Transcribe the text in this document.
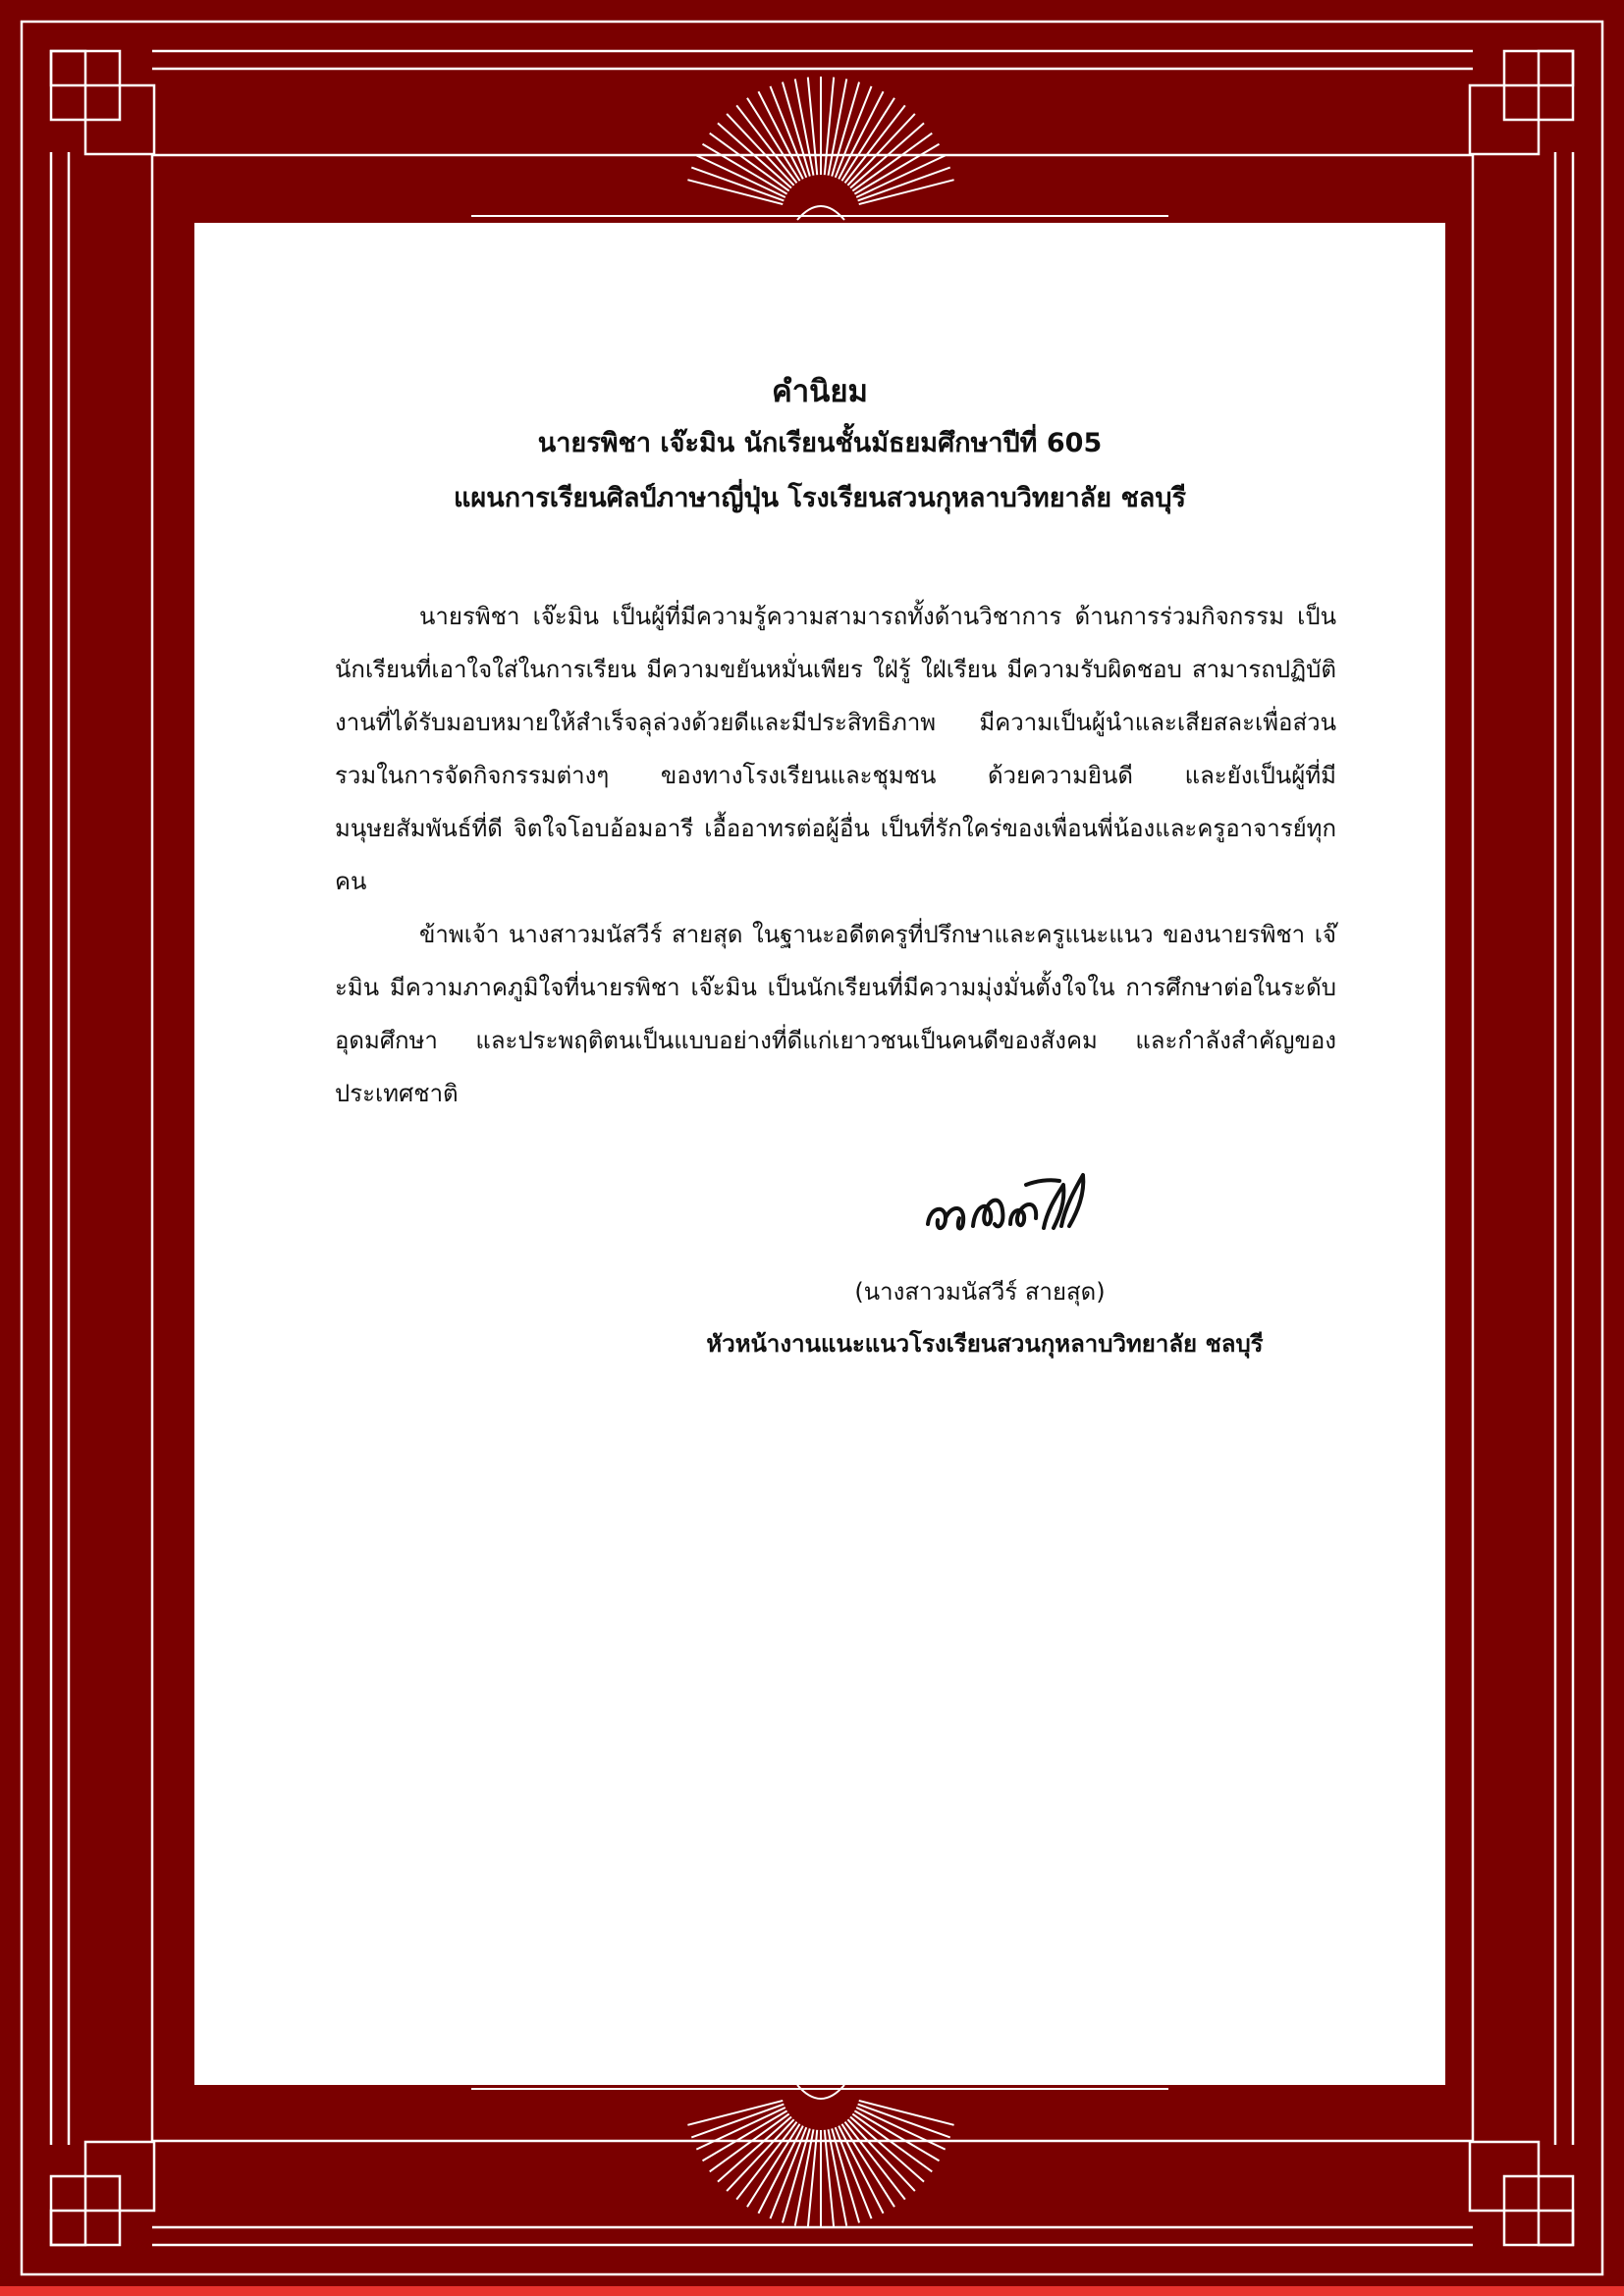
คำนิยม
นายรพิชา เจ๊ะมิน นักเรียนชั้นมัธยมศึกษาปีที่ 605
แผนการเรียนศิลป์ภาษาญี่ปุ่น โรงเรียนสวนกุหลาบวิทยาลัย ชลบุรี

นายรพิชา เจ๊ะมิน เป็นผู้ที่มีความรู้ความสามารถทั้งด้านวิชาการ ด้านการร่วมกิจกรรม เป็นนักเรียนที่เอาใจใส่ในการเรียน มีความขยันหมั่นเพียร ใฝ่รู้ ใฝ่เรียน มีความรับผิดชอบ สามารถปฏิบัติงานที่ได้รับมอบหมายให้สำเร็จลุล่วงด้วยดีและมีประสิทธิภาพ มีความเป็นผู้นำและเสียสละเพื่อส่วนรวมในการจัดกิจกรรมต่างๆ ของทางโรงเรียนและชุมชน ด้วยความยินดี และยังเป็นผู้ที่มีมนุษยสัมพันธ์ที่ดี จิตใจโอบอ้อมอารี เอื้ออาทรต่อผู้อื่น เป็นที่รักใคร่ของเพื่อนพี่น้องและครูอาจารย์ทุกคน

ข้าพเจ้า นางสาวมนัสวีร์ สายสุด ในฐานะอดีตครูที่ปรึกษาและครูแนะแนว ของนายรพิชา เจ๊ะมิน มีความภาคภูมิใจที่นายรพิชา เจ๊ะมิน เป็นนักเรียนที่มีความมุ่งมั่นตั้งใจใน การศึกษาต่อในระดับอุดมศึกษา และประพฤติตนเป็นแบบอย่างที่ดีแก่เยาวชนเป็นคนดีของสังคม และกำลังสำคัญของประเทศชาติ

(นางสาวมนัสวีร์ สายสุด)
หัวหน้างานแนะแนวโรงเรียนสวนกุหลาบวิทยาลัย ชลบุรี
